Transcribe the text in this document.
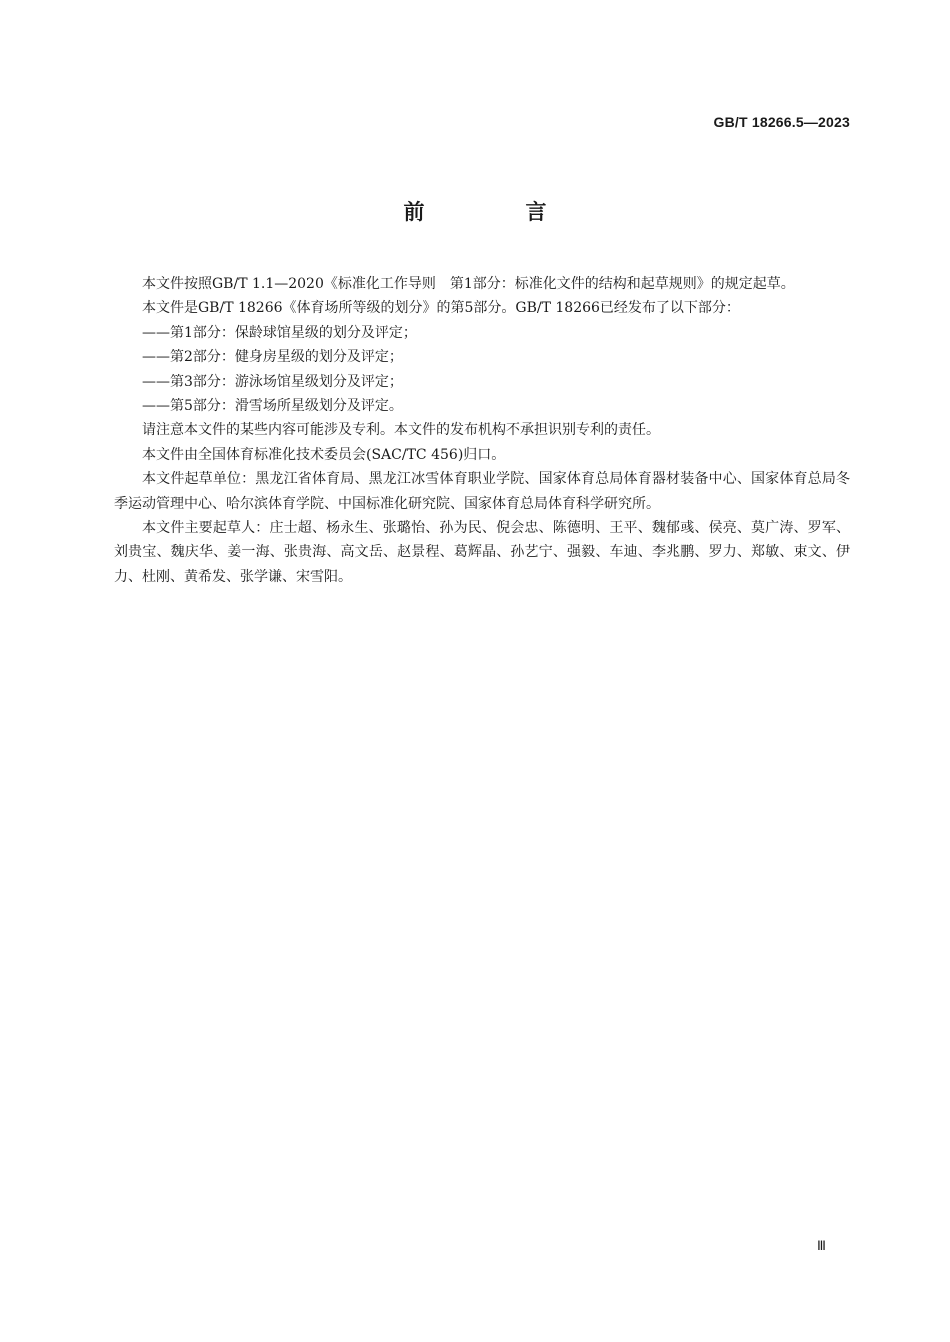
GB/T 18266.5—2023
前　言

本文件按照GB/T 1.1—2020《标准化工作导则　第1部分：标准化文件的结构和起草规则》的规定起草。

本文件是GB/T 18266《体育场所等级的划分》的第5部分。GB/T 18266已经发布了以下部分：

——第1部分：保龄球馆星级的划分及评定；

——第2部分：健身房星级的划分及评定；

——第3部分：游泳场馆星级划分及评定；

——第5部分：滑雪场所星级划分及评定。

请注意本文件的某些内容可能涉及专利。本文件的发布机构不承担识别专利的责任。

本文件由全国体育标准化技术委员会(SAC/TC 456)归口。

本文件起草单位：黑龙江省体育局、黑龙江冰雪体育职业学院、国家体育总局体育器材装备中心、国家体育总局冬季运动管理中心、哈尔滨体育学院、中国标准化研究院、国家体育总局体育科学研究所。

本文件主要起草人：庄士超、杨永生、张璐怡、孙为民、倪会忠、陈德明、王平、魏郁彧、侯亮、莫广涛、罗军、刘贵宝、魏庆华、姜一海、张贵海、高文岳、赵景程、葛辉晶、孙艺宁、强毅、车迪、李兆鹏、罗力、郑敏、束文、伊力、杜刚、黄希发、张学谦、宋雪阳。

Ⅲ
